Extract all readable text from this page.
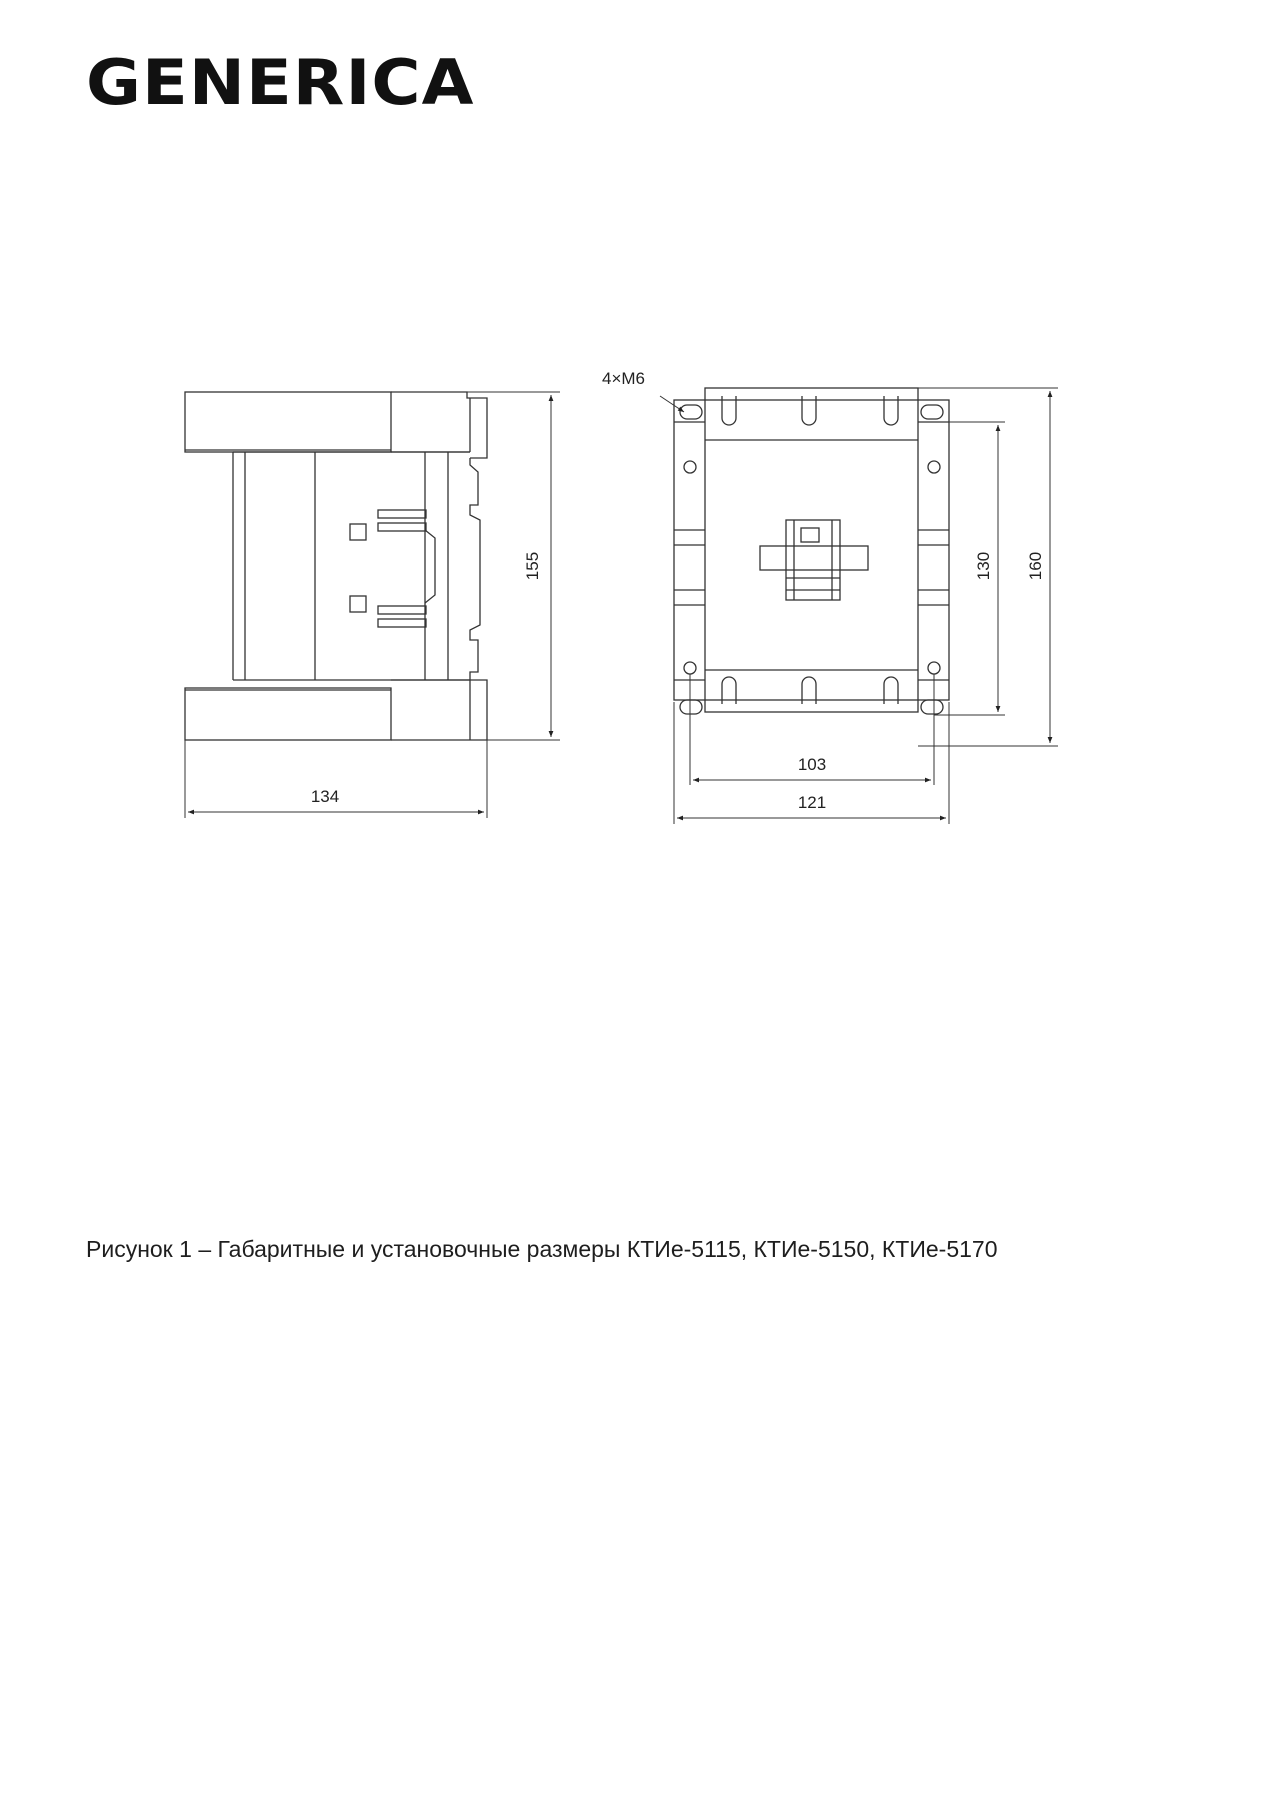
GENERICA
155
134
4×M6
130 160
103
121
Рисунок 1 – Габаритные и установочные размеры КТИе-5115, КТИе-5150, КТИе-5170
